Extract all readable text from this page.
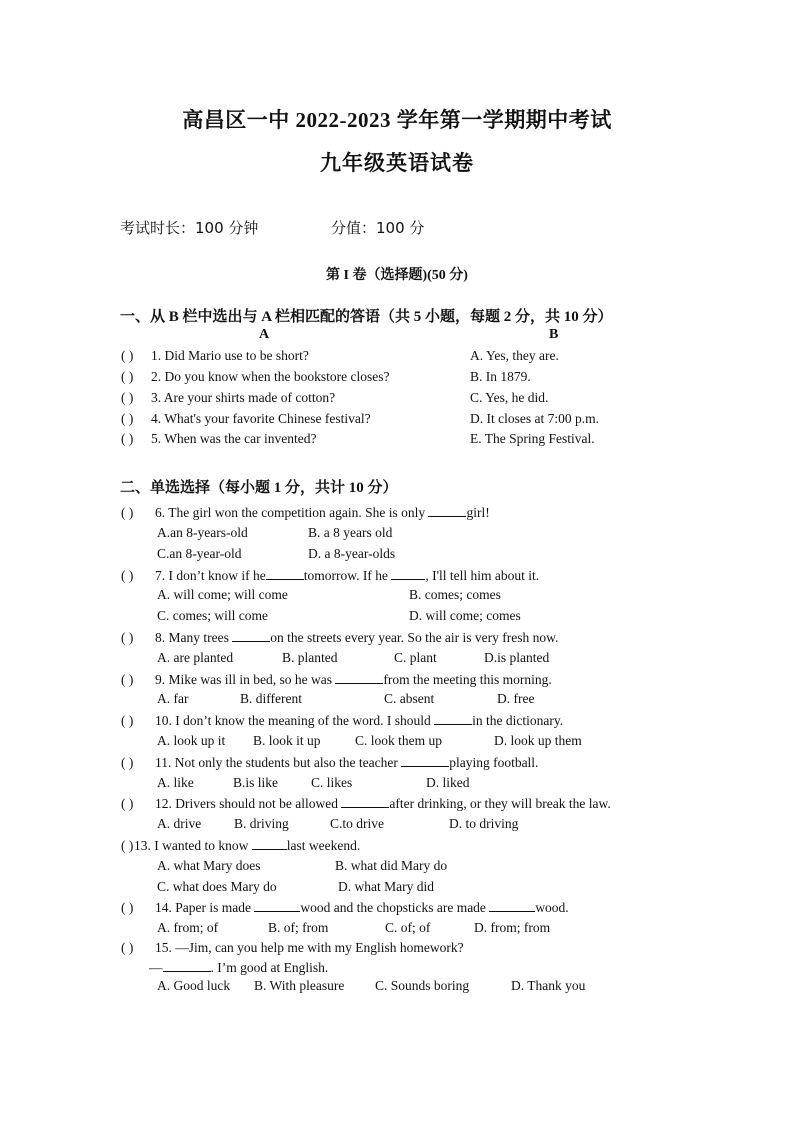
高昌区一中 2022-2023 学年第一学期期中考试
九年级英语试卷
考试时长：100 分钟	分值：100 分
第 I 卷（选择题)(50 分)
一、从 B 栏中选出与 A 栏相匹配的答语（共 5 小题，每题 2 分，共 10 分）
A	B
( ) 1. Did Mario use to be short?	A. Yes, they are.
( ) 2. Do you know when the bookstore closes?	B. In 1879.
( ) 3. Are your shirts made of cotton?	C. Yes, he did.
( ) 4. What's your favorite Chinese festival?	D. It closes at 7:00 p.m.
( ) 5. When was the car invented?	E. The Spring Festival.
二、单选选择（每小题 1 分，共计 10 分）
( ) 6. The girl won the competition again. She is only	girl!
A.an 8-years-old	B. a 8 years old
C.an 8-year-old	D. a 8-year-olds
( ) 7. I don’t know if he	tomorrow. If he	, I'll tell him about it.
A. will come; will come	B. comes; comes
C. comes; will come	D. will come; comes
( ) 8. Many trees	on the streets every year. So the air is very fresh now.
A. are planted	B. planted	C. plant	D.is planted
( ) 9. Mike was ill in bed, so he was	from the meeting this morning.
A. far	B. different	C. absent	D. free
( ) 10. I don’t know the meaning of the word. I should	in the dictionary.
A. look up it B. look it up	C. look them up	D. look up them
( ) 11. Not only the students but also the teacher	playing football.
A. like	B.is like C. likes	D. liked
( ) 12. Drivers should not be allowed	after drinking, or they will break the law.
A. drive B. driving	C.to drive	D. to driving
( )13. I wanted to know	last weekend.
A. what Mary does	B. what did Mary do
C. what does Mary do	D. what Mary did
( ) 14. Paper is made	wood and the chopsticks are made	wood.
A. from; of	B. of; from	C. of; of	D. from; from
( ) 15. —Jim, can you help me with my English homework?
—	. I’m good at English.
A. Good luck B. With pleasure C. Sounds boring	D. Thank you
